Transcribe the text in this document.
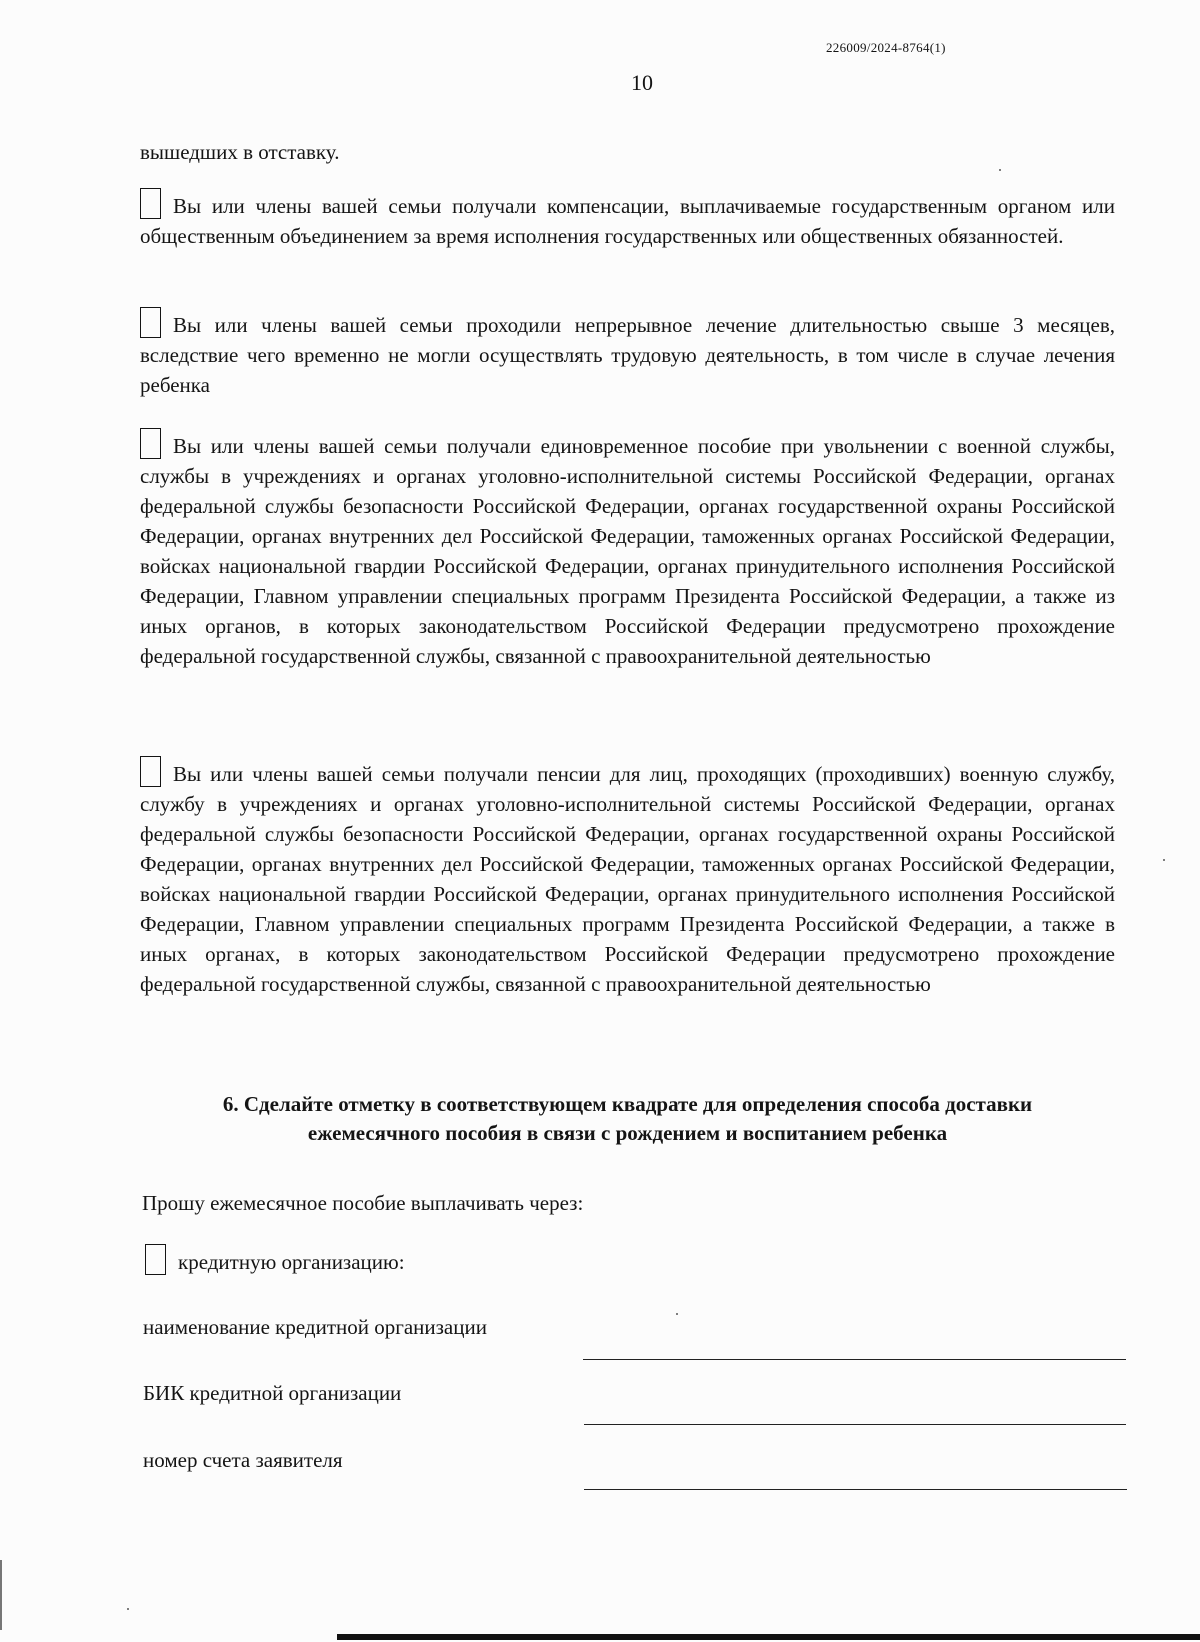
226009/2024-8764(1)
10
вышедших в отставку.
Вы или члены вашей семьи получали компенсации, выплачиваемые государственным органом или общественным объединением за время исполнения государственных или общественных обязанностей.
Вы или члены вашей семьи проходили непрерывное лечение длительностью свыше 3 месяцев, вследствие чего временно не могли осуществлять трудовую деятельность, в том числе в случае лечения ребенка
Вы или члены вашей семьи получали единовременное пособие при увольнении с военной службы, службы в учреждениях и органах уголовно-исполнительной системы Российской Федерации, органах федеральной службы безопасности Российской Федерации, органах государственной охраны Российской Федерации, органах внутренних дел Российской Федерации, таможенных органах Российской Федерации, войсках национальной гвардии Российской Федерации, органах принудительного исполнения Российской Федерации, Главном управлении специальных программ Президента Российской Федерации, а также из иных органов, в которых законодательством Российской Федерации предусмотрено прохождение федеральной государственной службы, связанной с правоохранительной деятельностью
Вы или члены вашей семьи получали пенсии для лиц, проходящих (проходивших) военную службу, службу в учреждениях и органах уголовно-исполнительной системы Российской Федерации, органах федеральной службы безопасности Российской Федерации, органах государственной охраны Российской Федерации, органах внутренних дел Российской Федерации, таможенных органах Российской Федерации, войсках национальной гвардии Российской Федерации, органах принудительного исполнения Российской Федерации, Главном управлении специальных программ Президента Российской Федерации, а также в иных органах, в которых законодательством Российской Федерации предусмотрено прохождение федеральной государственной службы, связанной с правоохранительной деятельностью
6. Сделайте отметку в соответствующем квадрате для определения способа доставки
ежемесячного пособия в связи с рождением и воспитанием ребенка
Прошу ежемесячное пособие выплачивать через:
кредитную организацию:
наименование кредитной организации
БИК кредитной организации
номер счета заявителя
